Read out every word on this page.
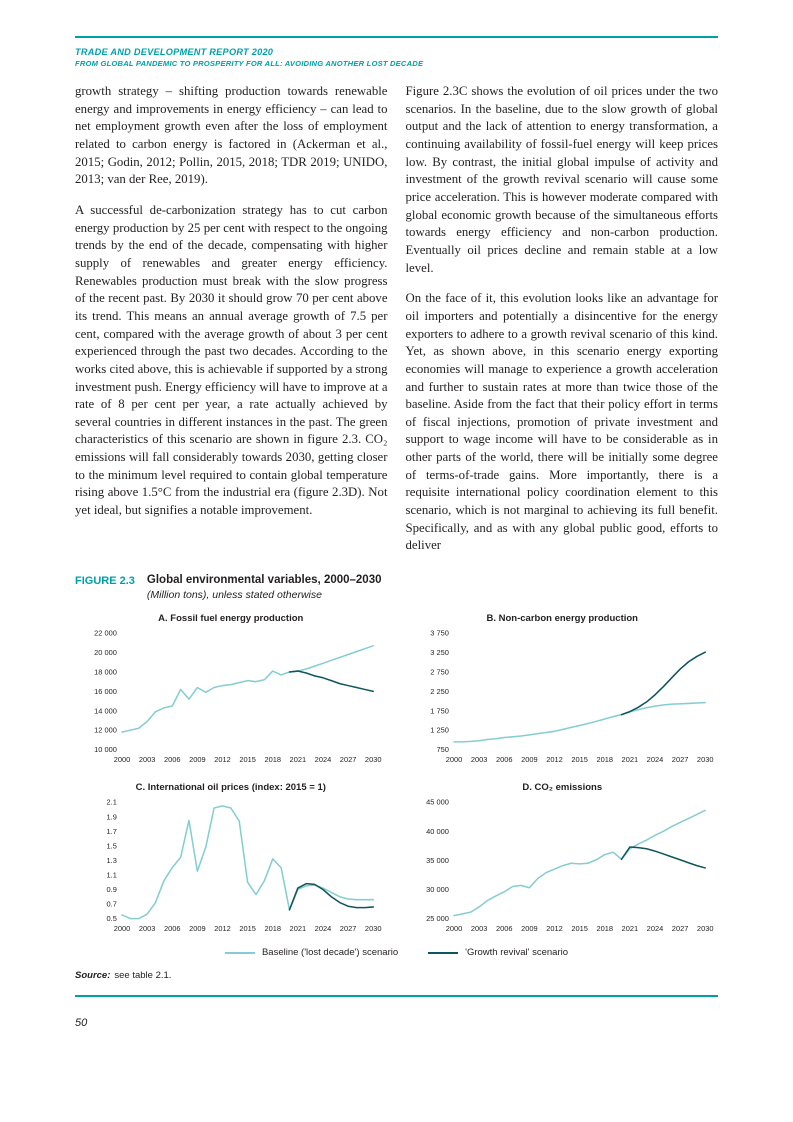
TRADE AND DEVELOPMENT REPORT 2020
FROM GLOBAL PANDEMIC TO PROSPERITY FOR ALL: AVOIDING ANOTHER LOST DECADE

growth strategy – shifting production towards renewable energy and improvements in energy efficiency – can lead to net employment growth even after the loss of employment related to carbon energy is factored in (Ackerman et al., 2015; Godin, 2012; Pollin, 2015, 2018; TDR 2019; UNIDO, 2013; van der Ree, 2019).

A successful de-carbonization strategy has to cut carbon energy production by 25 per cent with respect to the ongoing trends by the end of the decade, compensating with higher supply of renewables and greater energy efficiency. Renewables production must break with the slow progress of the recent past. By 2030 it should grow 70 per cent above its trend. This means an annual average growth of 7.5 per cent, compared with the average growth of about 3 per cent experienced through the past two decades. According to the works cited above, this is achievable if supported by a strong investment push. Energy efficiency will have to improve at a rate of 8 per cent per year, a rate actually achieved by several countries in different instances in the past. The green characteristics of this scenario are shown in figure 2.3. CO₂ emissions will fall considerably towards 2030, getting closer to the minimum level required to contain global temperature rising above 1.5°C from the industrial era (figure 2.3D). Not yet ideal, but signifies a notable improvement.

Figure 2.3C shows the evolution of oil prices under the two scenarios. In the baseline, due to the slow growth of global output and the lack of attention to energy transformation, a continuing availability of fossil-fuel energy will keep prices low. By contrast, the initial global impulse of activity and investment of the growth revival scenario will cause some price acceleration. This is however moderate compared with global economic growth because of the simultaneous efforts towards energy efficiency and non-carbon production. Eventually oil prices decline and remain stable at a low level.

On the face of it, this evolution looks like an advantage for oil importers and potentially a disincentive for the energy exporters to adhere to a growth revival scenario of this kind. Yet, as shown above, in this scenario energy exporting economies will manage to experience a growth acceleration and further to sustain rates at more than twice those of the baseline. Aside from the fact that their policy effort in terms of fiscal injections, promotion of private investment and support to wage income will have to be considerable as in other parts of the world, there will be initially some degree of terms-of-trade gains. More importantly, there is a requisite international policy coordination element to this scenario, which is not marginal to achieving its full benefit. Specifically, and as with any global public good, efforts to deliver

FIGURE 2.3 Global environmental variables, 2000–2030
(Million tons), unless stated otherwise
A. Fossil fuel energy production
10 000
12 000
14 000
16 000
18 000
20 000
22 000
2000 2003 2006 2009 2012 2015 2018 2021 2024 2027 2030
B. Non-carbon energy production
750
1 250
1 750
2 250
2 750
3 250
3 750
2000 2003 2006 2009 2012 2015 2018 2021 2024 2027 2030
C. International oil prices (index: 2015 = 1)
0.5
0.7
0.9
1.1
1.3
1.5
1.7
1.9
2.1
2000 2003 2006 2009 2012 2015 2018 2021 2024 2027 2030
D. CO₂ emissions
25 000
30 000
35 000
40 000
45 000
2000 2003 2006 2009 2012 2015 2018 2021 2024 2027 2030
Baseline ('lost decade') scenario	'Growth revival' scenario
Source: see table 2.1.
50
